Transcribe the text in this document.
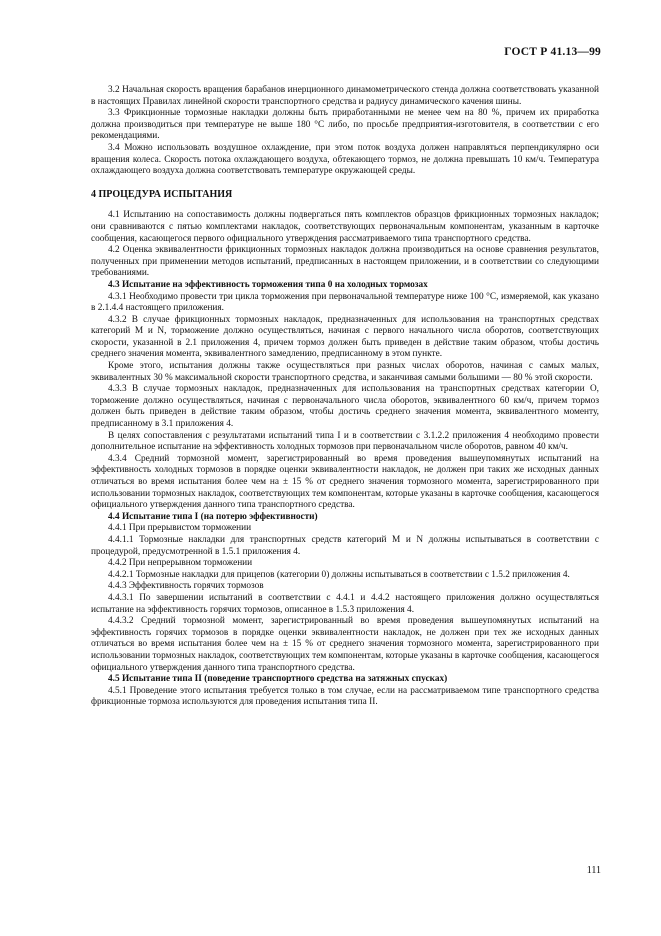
ГОСТ Р 41.13—99

3.2 Начальная скорость вращения барабанов инерционного динамометрического стенда должна соответствовать указанной в настоящих Правилах линейной скорости транспортного средства и радиусу динамического качения шины.

3.3 Фрикционные тормозные накладки должны быть приработанными не менее чем на 80 %, причем их приработка должна производиться при температуре не выше 180 °С либо, по просьбе предприятия-изготовителя, в соответствии с его рекомендациями.

3.4 Можно использовать воздушное охлаждение, при этом поток воздуха должен направляться перпендикулярно оси вращения колеса. Скорость потока охлаждающего воздуха, обтекающего тормоз, не должна превышать 10 км/ч. Температура охлаждающего воздуха должна соответствовать температуре окружающей среды.

4 ПРОЦЕДУРА ИСПЫТАНИЯ

4.1 Испытанию на сопоставимость должны подвергаться пять комплектов образцов фрикционных тормозных накладок; они сравниваются с пятью комплектами накладок, соответствующих первоначальным компонентам, указанным в карточке сообщения, касающегося первого официального утверждения рассматриваемого типа транспортного средства.

4.2 Оценка эквивалентности фрикционных тормозных накладок должна производиться на основе сравнения результатов, полученных при применении методов испытаний, предписанных в настоящем приложении, и в соответствии со следующими требованиями.

4.3 Испытание на эффективность торможения типа 0 на холодных тормозах

4.3.1 Необходимо провести три цикла торможения при первоначальной температуре ниже 100 °С, измеряемой, как указано в 2.1.4.4 настоящего приложения.

4.3.2 В случае фрикционных тормозных накладок, предназначенных для использования на транспортных средствах категорий М и N, торможение должно осуществляться, начиная с первого начального числа оборотов, соответствующих скорости, указанной в 2.1 приложения 4, причем тормоз должен быть приведен в действие таким образом, чтобы достичь среднего значения момента, эквивалентного замедлению, предписанному в этом пункте.

Кроме этого, испытания должны также осуществляться при разных числах оборотов, начиная с самых малых, эквивалентных 30 % максимальной скорости транспортного средства, и заканчивая самыми большими — 80 % этой скорости.

4.3.3 В случае тормозных накладок, предназначенных для использования на транспортных средствах категории О, торможение должно осуществляться, начиная с первоначального числа оборотов, эквивалентного 60 км/ч, причем тормоз должен быть приведен в действие таким образом, чтобы достичь среднего значения момента, эквивалентного моменту, предписанному в 3.1 приложения 4.

В целях сопоставления с результатами испытаний типа I и в соответствии с 3.1.2.2 приложения 4 необходимо провести дополнительное испытание на эффективность холодных тормозов при первоначальном числе оборотов, равном 40 км/ч.

4.3.4 Средний тормозной момент, зарегистрированный во время проведения вышеупомянутых испытаний на эффективность холодных тормозов в порядке оценки эквивалентности накладок, не должен при таких же исходных данных отличаться во время испытания более чем на ± 15 % от среднего значения тормозного момента, зарегистрированного при использовании тормозных накладок, соответствующих тем компонентам, которые указаны в карточке сообщения, касающегося официального утверждения данного типа транспортного средства.

4.4 Испытание типа I (на потерю эффективности)

4.4.1 При прерывистом торможении

4.4.1.1 Тормозные накладки для транспортных средств категорий М и N должны испытываться в соответствии с процедурой, предусмотренной в 1.5.1 приложения 4.

4.4.2 При непрерывном торможении

4.4.2.1 Тормозные накладки для прицепов (категории 0) должны испытываться в соответствии с 1.5.2 приложения 4.

4.4.3 Эффективность горячих тормозов

4.4.3.1 По завершении испытаний в соответствии с 4.4.1 и 4.4.2 настоящего приложения должно осуществляться испытание на эффективность горячих тормозов, описанное в 1.5.3 приложения 4.

4.4.3.2 Средний тормозной момент, зарегистрированный во время проведения вышеупомянутых испытаний на эффективность горячих тормозов в порядке оценки эквивалентности накладок, не должен при тех же исходных данных отличаться во время испытания более чем на ± 15 % от среднего значения тормозного момента, зарегистрированного при использовании тормозных накладок, соответствующих тем компонентам, которые указаны в карточке сообщения, касающегося официального утверждения данного типа транспортного средства.

4.5 Испытание типа II (поведение транспортного средства на затяжных спусках)

4.5.1 Проведение этого испытания требуется только в том случае, если на рассматриваемом типе транспортного средства фрикционные тормоза используются для проведения испытания типа II.

111
